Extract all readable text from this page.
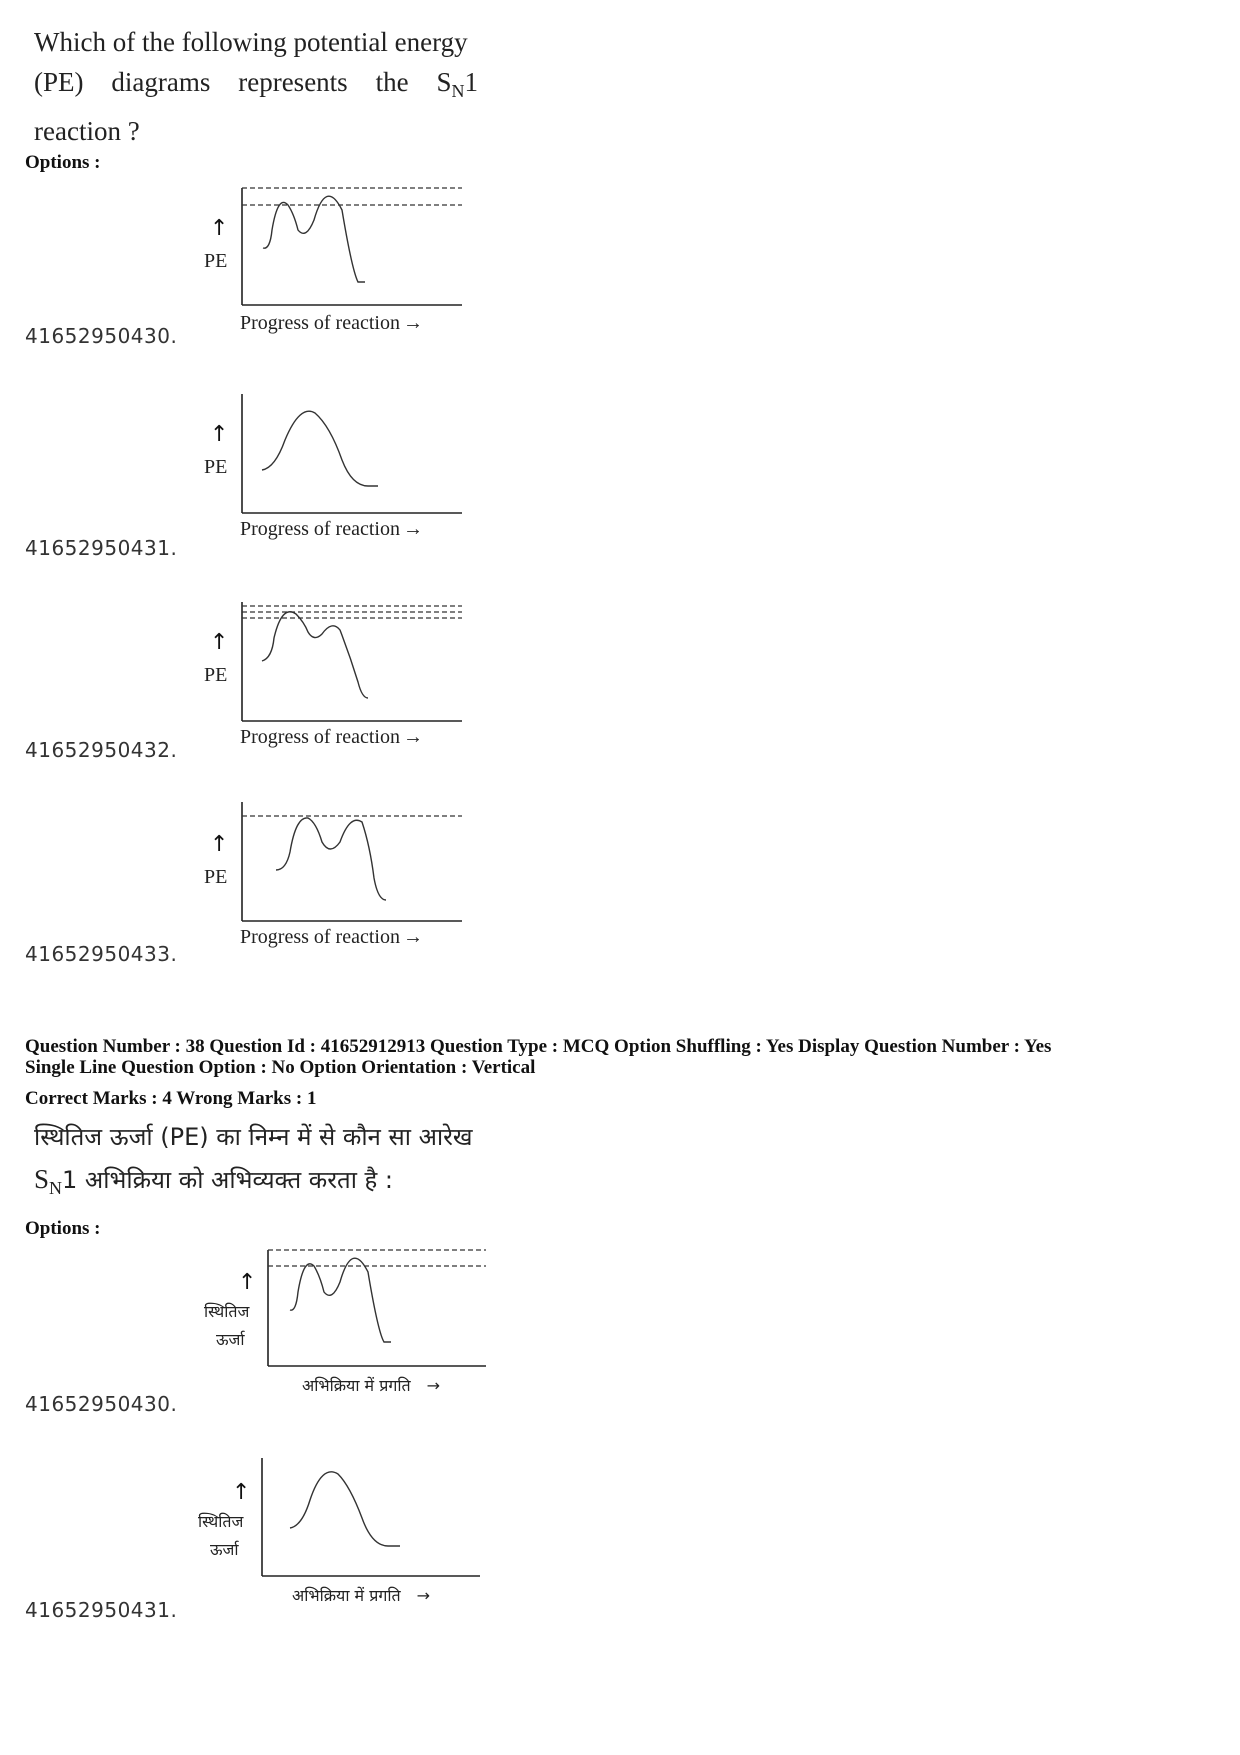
Which of the following potential energy
(PE) diagrams represents the $S_N1$
reaction ?
Options :
41652950430.
↑
PE
Progress of reaction →
41652950431.
↑
PE
Progress of reaction →
41652950432.
↑
PE
Progress of reaction →
41652950433.
↑
PE
Progress of reaction →
Question Number : 38 Question Id : 41652912913 Question Type : MCQ Option Shuffling : Yes Display Question Number : Yes
Single Line Question Option : No Option Orientation : Vertical
Correct Marks : 4 Wrong Marks : 1
स्थितिज ऊर्जा (PE) का निम्न में से कौन सा आरेख
$S_N1$ अभिक्रिया को अभिव्यक्त करता है :
Options :
41652950430.
↑
स्थितिज
ऊर्जा
अभिक्रिया में प्रगति →
41652950431.
↑
स्थितिज
ऊर्जा
अभिक्रिया में प्रगति →
